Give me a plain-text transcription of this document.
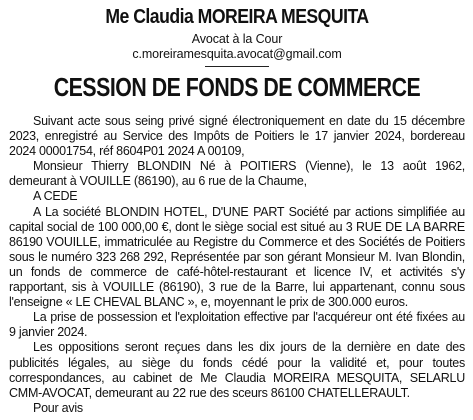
Me Claudia MOREIRA MESQUITA
Avocat à la Cour
c.moreiramesquita.avocat@gmail.com
CESSION DE FONDS DE COMMERCE

Suivant acte sous seing privé signé électroniquement en date du 15 décembre 2023, enregistré au Service des Impôts de Poitiers le 17 janvier 2024, bordereau 2024 00001754, réf 8604P01 2024 A 00109,

Monsieur Thierry BLONDIN Né à POITIERS (Vienne), le 13 août 1962, demeurant à VOUILLE (86190), au 6 rue de la Chaume,

A CEDE

A La société BLONDIN HOTEL, D'UNE PART Société par actions simplifiée au capital social de 100 000,00 €, dont le siège social est situé au 3 RUE DE LA BARRE 86190 VOUILLE, immatriculée au Registre du Commerce et des Sociétés de Poitiers sous le numéro 323 268 292, Représentée par son gérant Monsieur M. Ivan Blondin, un fonds de commerce de café-hôtel-restaurant et licence IV, et activités s'y rapportant, sis à VOUILLE (86190), 3 rue de la Barre, lui appartenant, connu sous l'enseigne « LE CHEVAL BLANC », e, moyennant le prix de 300.000 euros.

La prise de possession et l'exploitation effective par l'acquéreur ont été fixées au 9 janvier 2024.

Les oppositions seront reçues dans les dix jours de la dernière en date des publicités légales, au siège du fonds cédé pour la validité et, pour toutes correspondances, au cabinet de Me Claudia MOREIRA MESQUITA, SELARLU CMM-AVOCAT, demeurant au 22 rue des sceurs 86100 CHATELLERAULT.

Pour avis
